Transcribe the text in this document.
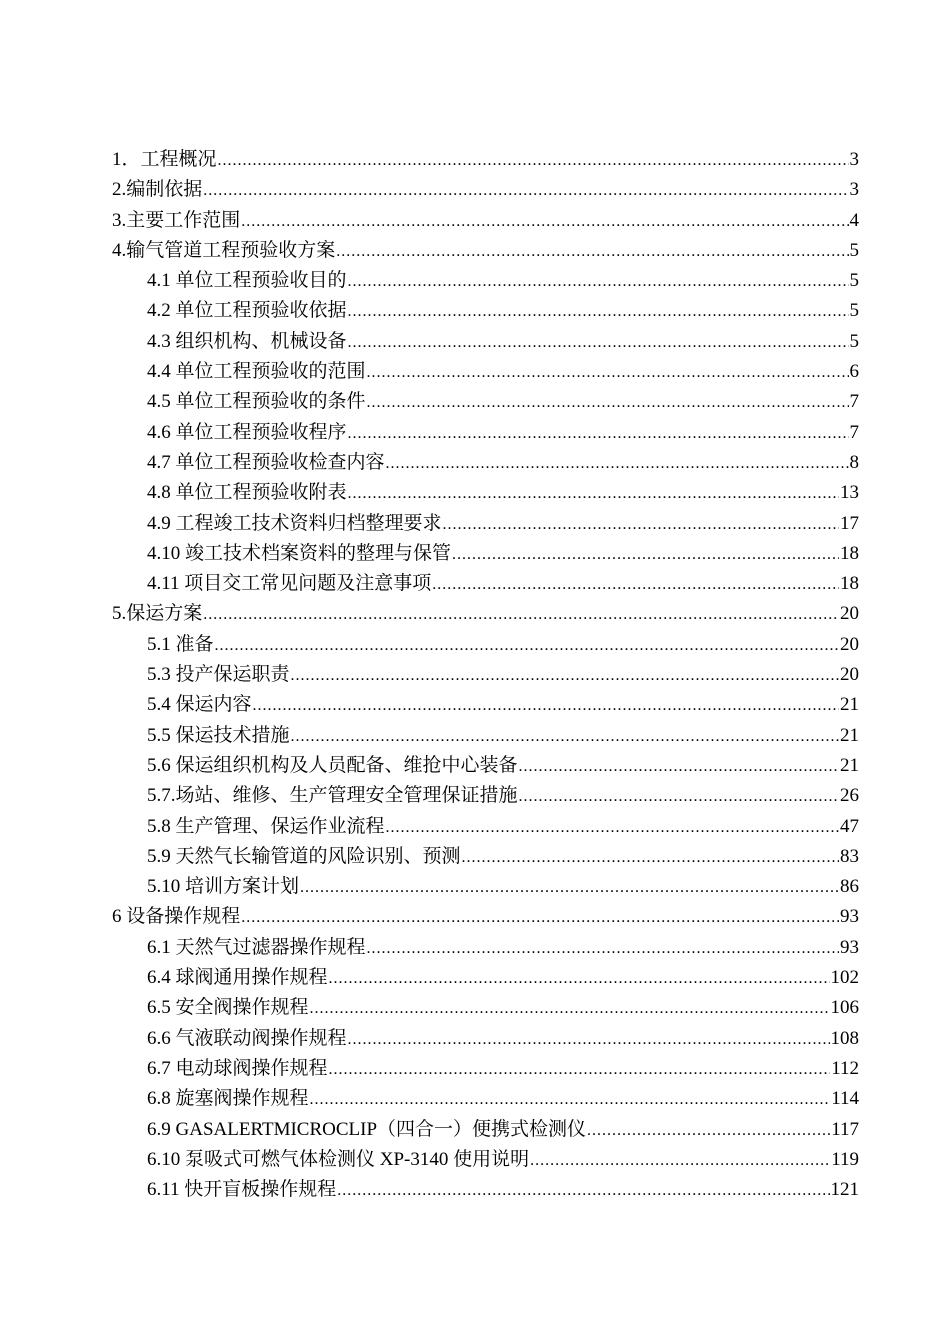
1．工程概况 .....	3
2.编制依据 .....	3
3.主要工作范围 .....	4
4.输气管道工程预验收方案 .....	5
4.1 单位工程预验收目的 .....	5
4.2 单位工程预验收依据 .....	5
4.3 组织机构、机械设备 .....	5
4.4 单位工程预验收的范围 .....	6
4.5 单位工程预验收的条件 .....	7
4.6 单位工程预验收程序 .....	7
4.7 单位工程预验收检查内容 .....	8
4.8 单位工程预验收附表 .....	13
4.9 工程竣工技术资料归档整理要求 .....	17
4.10 竣工技术档案资料的整理与保管 .....	18
4.11 项目交工常见问题及注意事项 .....	18
5.保运方案 .....	20
5.1 准备 .....	20
5.3 投产保运职责 .....	20
5.4 保运内容 .....	21
5.5 保运技术措施 .....	21
5.6 保运组织机构及人员配备、维抢中心装备 .....	21
5.7.场站、维修、生产管理安全管理保证措施 .....	26
5.8 生产管理、保运作业流程 .....	47
5.9 天然气长输管道的风险识别、预测 .....	83
5.10 培训方案计划 .....	86
6 设备操作规程 .....	93
6.1 天然气过滤器操作规程 .....	93
6.4 球阀通用操作规程 .....	102
6.5 安全阀操作规程 .....	106
6.6 气液联动阀操作规程 .....	108
6.7 电动球阀操作规程 .....	112
6.8 旋塞阀操作规程 .....	114
6.9 GASALERTMICROCLIP（四合一）便携式检测仪 .....	117
6.10 泵吸式可燃气体检测仪 XP-3140 使用说明 .....	119
6.11 快开盲板操作规程 .....	121
